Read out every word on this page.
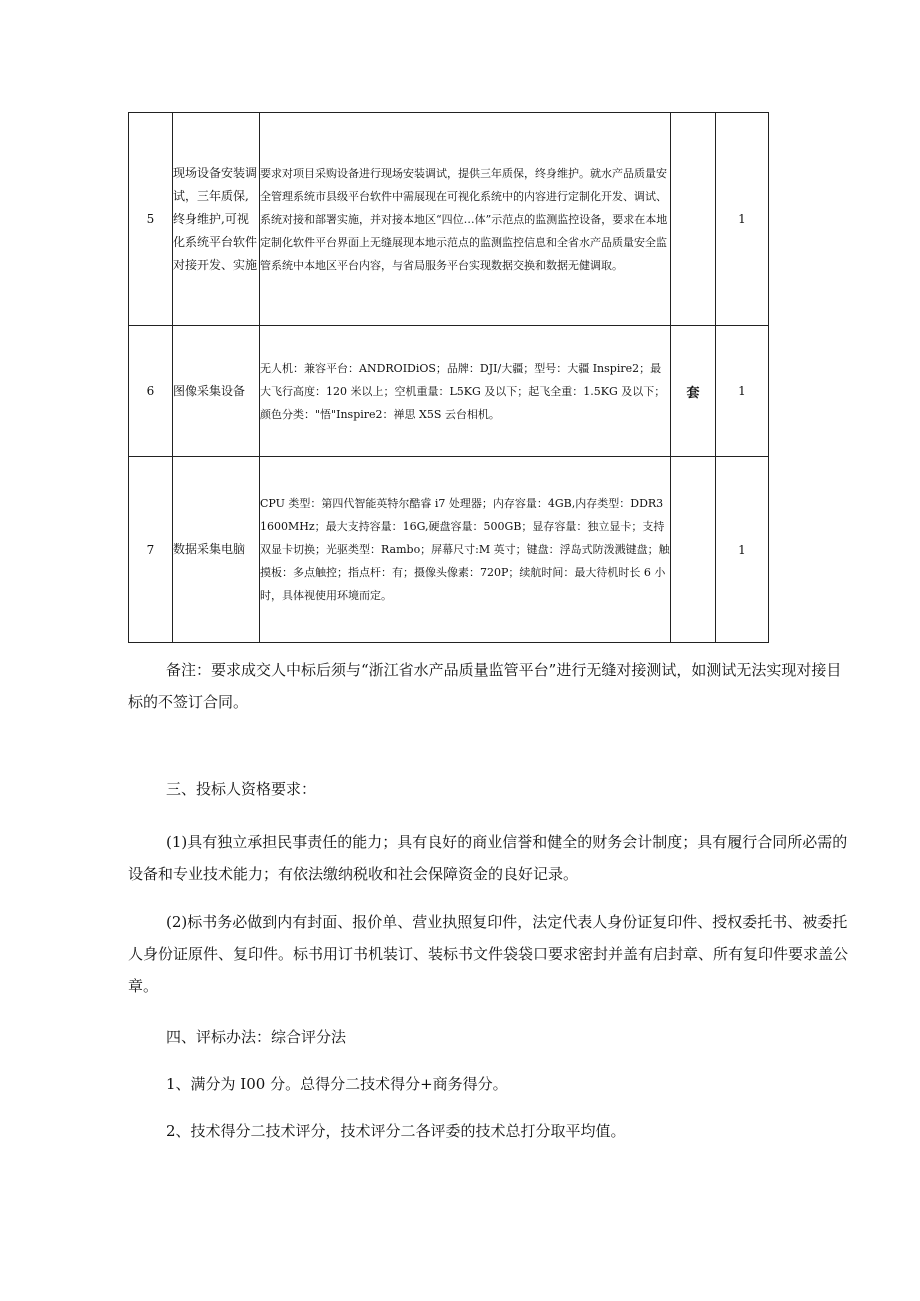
5	现场设备安装调试，三年质保,终身维护,可视化系统平台软件对接开发、实施	要求对项目采购设备进行现场安装调试，提供三年质保，终身维护。就水产品质量安全管理系统市县级平台软件中需展现在可视化系统中的内容进行定制化开发、调试、系统对接和部署实施，并对接本地区“四位…体”示范点的监测监控设备，要求在本地定制化软件平台界面上无缝展现本地示范点的监测监控信息和全省水产品质量安全监管系统中本地区平台内容，与省局服务平台实现数据交换和数据无健调取。		1
6	图像采集设备	无人机：兼容平台：ANDROIDiOS；品牌：DJI/大疆；型号：大疆 Inspire2；最大飞行高度：120 米以上；空机重量：L5KG 及以下；起飞全重：1.5KG 及以下；颜色分类："悟"Inspire2：禅思 X5S 云台相机。	套	1
7	数据采集电脑	CPU 类型：第四代智能英特尔酷睿 i7 处理器；内存容量：4GB,内存类型：DDR31600MHz；最大支持容量：16G,硬盘容量：500GB；显存容量：独立显卡；支持双显卡切换；光驱类型：Rambo；屏幕尺寸:M 英寸；键盘：浮岛式防泼溅键盘；触摸板：多点触控；指点杆：有；摄像头像素：720P；续航时间：最大待机时长 6 小时，具体视使用环境而定。		1

备注：要求成交人中标后须与“浙江省水产品质量监管平台”进行无缝对接测试，如测试无法实现对接目标的不签订合同。

三、投标人资格要求：

(1)具有独立承担民事责任的能力；具有良好的商业信誉和健全的财务会计制度；具有履行合同所必需的设备和专业技术能力；有依法缴纳税收和社会保障资金的良好记录。

(2)标书务必做到内有封面、报价单、营业执照复印件，法定代表人身份证复印件、授权委托书、被委托人身份证原件、复印件。标书用订书机装订、装标书文件袋袋口要求密封并盖有启封章、所有复印件要求盖公章。

四、评标办法：综合评分法

1、满分为 I00 分。总得分二技术得分+商务得分。

2、技术得分二技术评分，技术评分二各评委的技术总打分取平均值。
